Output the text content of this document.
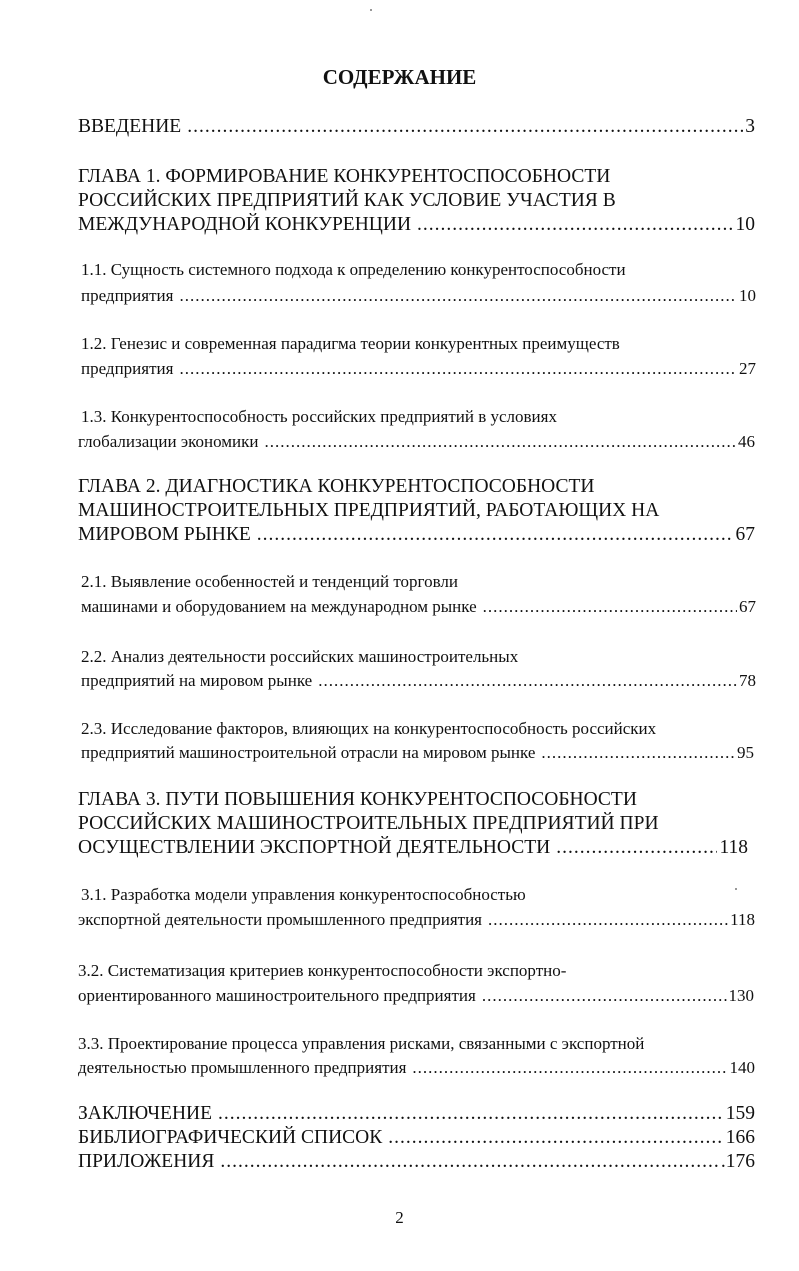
СОДЕРЖАНИЕ
ВВЕДЕНИЕ .....	3
ГЛАВА 1. ФОРМИРОВАНИЕ КОНКУРЕНТОСПОСОБНОСТИ
РОССИЙСКИХ ПРЕДПРИЯТИЙ КАК УСЛОВИЕ УЧАСТИЯ В
МЕЖДУНАРОДНОЙ КОНКУРЕНЦИИ .....	10
1.1. Сущность системного подхода к определению конкурентоспособности
предприятия .....	10
1.2. Генезис и современная парадигма теории конкурентных преимуществ
предприятия .....	27
1.3. Конкурентоспособность российских предприятий в условиях
глобализации экономики .....	46
ГЛАВА 2. ДИАГНОСТИКА КОНКУРЕНТОСПОСОБНОСТИ
МАШИНОСТРОИТЕЛЬНЫХ ПРЕДПРИЯТИЙ, РАБОТАЮЩИХ НА
МИРОВОМ РЫНКЕ .....	67
2.1. Выявление особенностей и тенденций торговли
машинами и оборудованием на международном рынке .....	67
2.2. Анализ деятельности российских машиностроительных
предприятий на мировом рынке .....	78
2.3. Исследование факторов, влияющих на конкурентоспособность российских
предприятий машиностроительной отрасли на мировом рынке .....	95
ГЛАВА 3. ПУТИ ПОВЫШЕНИЯ КОНКУРЕНТОСПОСОБНОСТИ
РОССИЙСКИХ МАШИНОСТРОИТЕЛЬНЫХ ПРЕДПРИЯТИЙ ПРИ
ОСУЩЕСТВЛЕНИИ ЭКСПОРТНОЙ ДЕЯТЕЛЬНОСТИ .....	118
3.1. Разработка модели управления конкурентоспособностью
экспортной деятельности промышленного предприятия .....	118
3.2. Систематизация критериев конкурентоспособности экспортно-
ориентированного машиностроительного предприятия .....	130
3.3. Проектирование процесса управления рисками, связанными с экспортной
деятельностью промышленного предприятия .....	140
ЗАКЛЮЧЕНИЕ .....	159
БИБЛИОГРАФИЧЕСКИЙ СПИСОК .....	166
ПРИЛОЖЕНИЯ .....	.176
2
